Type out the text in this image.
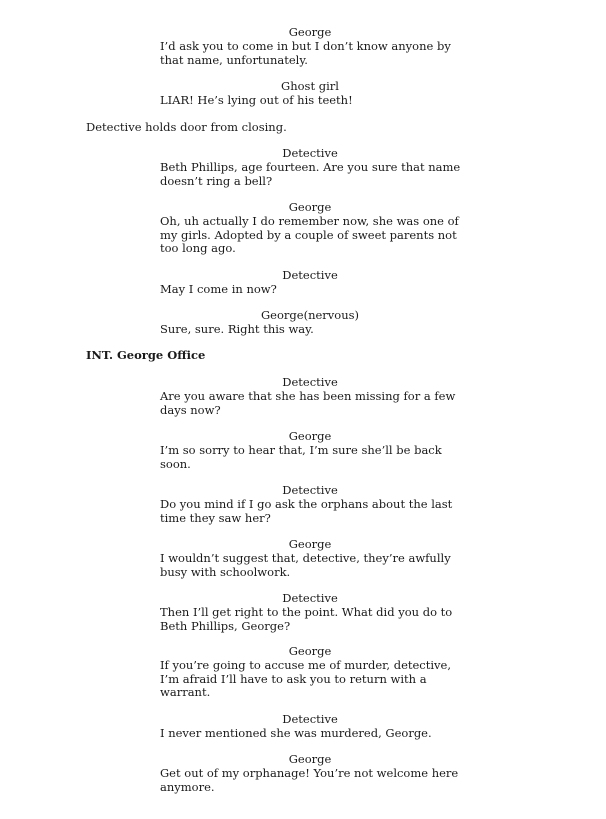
George
I’d ask you to come in but I don’t know anyone by
that name, unfortunately.
Ghost girl
LIAR! He’s lying out of his teeth!
Detective holds door from closing.
Detective
Beth Phillips, age fourteen. Are you sure that name
doesn’t ring a bell?
George
Oh, uh actually I do remember now, she was one of
my girls. Adopted by a couple of sweet parents not
too long ago.
Detective
May I come in now?
George(nervous)
Sure, sure. Right this way.
INT. George Office
Detective
Are you aware that she has been missing for a few
days now?
George
I’m so sorry to hear that, I’m sure she’ll be back
soon.
Detective
Do you mind if I go ask the orphans about the last
time they saw her?
George
I wouldn’t suggest that, detective, they’re awfully
busy with schoolwork.
Detective
Then I’ll get right to the point. What did you do to
Beth Phillips, George?
George
If you’re going to accuse me of murder, detective,
I’m afraid I’ll have to ask you to return with a
warrant.
Detective
I never mentioned she was murdered, George.
George
Get out of my orphanage! You’re not welcome here
anymore.
